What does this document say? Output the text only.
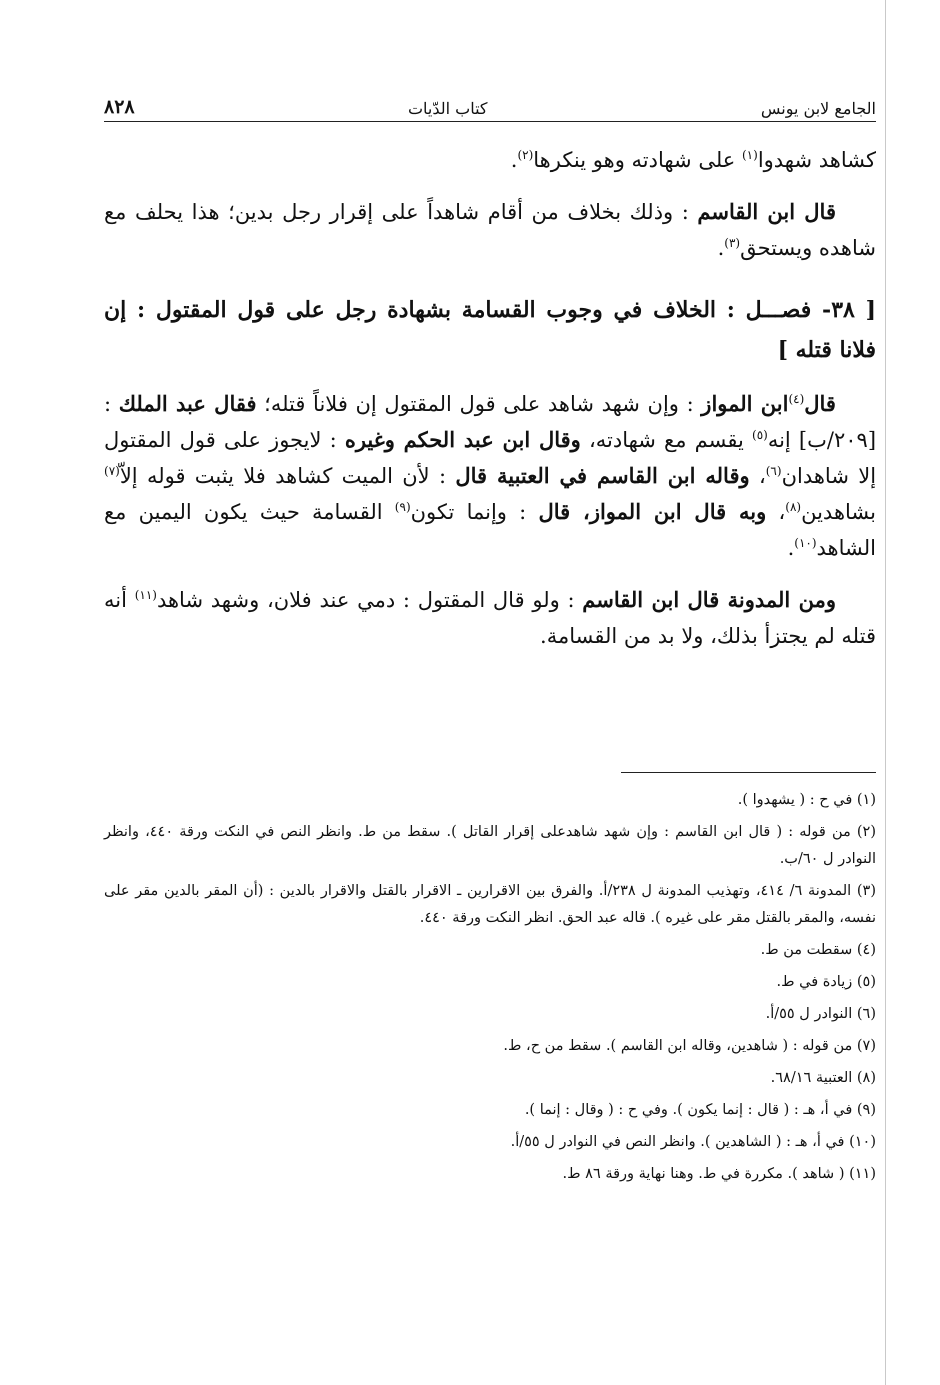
الجامع لابن يونس
كتاب الدّيات
٨٢٨

كشاهد شهدوا$^{(١)}$ على شهادته وهو ينكرها$^{(٢)}$.

قال ابن القاسم : وذلك بخلاف من أقام شاهداً على إقرار رجل بدين؛ هذا يحلف مع شاهده ويستحق$^{(٣)}$.

[ ٣٨- فصـــل : الخلاف في وجوب القسامة بشهادة رجل على قول المقتول : إن فلانا قتله ]

قال$^{(٤)}$ابن المواز : وإن شهد شاهد على قول المقتول إن فلاناً قتله؛ فقال عبد الملك : [٢٠٩/ب] إنه$^{(٥)}$ يقسم مع شهادته، وقال ابن عبد الحكم وغيره : لايجوز على قول المقتول إلا شاهدان$^{(٦)}$، وقاله ابن القاسم في العتبية قال : لأن الميت كشاهد فلا يثبت قوله إلاّ$^{(٧)}$ بشاهدين$^{(٨)}$، وبه قال ابن المواز، قال : وإنما تكون$^{(٩)}$ القسامة حيث يكون اليمين مع الشاهد$^{(١٠)}$.

ومن المدونة قال ابن القاسم : ولو قال المقتول : دمي عند فلان، وشهد شاهد$^{(١١)}$ أنه قتله لم يجتزأ بذلك، ولا بد من القسامة.

(١) في ح : ( يشهدوا ).
(٢) من قوله : ( قال ابن القاسم : وإن شهد شاهدعلى إقرار القاتل ). سقط من ط. وانظر النص في النكت ورقة ٤٤٠، وانظر النوادر ل ٦٠/ب.
(٣) المدونة ٦/ ٤١٤، وتهذيب المدونة ل ٢٣٨/أ. والفرق بين الاقرارين ـ الاقرار بالقتل والاقرار بالدين : (أن المقر بالدين مقر على نفسه، والمقر بالقتل مقر على غيره ). قاله عبد الحق. انظر النكت ورقة ٤٤٠.
(٤) سقطت من ط.
(٥) زيادة في ط.
(٦) النوادر ل ٥٥/أ.
(٧) من قوله : ( شاهدين، وقاله ابن القاسم ). سقط من ح، ط.
(٨) العتبية ٦٨/١٦.
(٩) في أ، هـ : ( قال : إنما يكون ). وفي ح : ( وقال : إنما ).
(١٠) في أ، هـ : ( الشاهدين ). وانظر النص في النوادر ل ٥٥/أ.
(١١) ( شاهد ). مكررة في ط. وهنا نهاية ورقة ٨٦ ط.
